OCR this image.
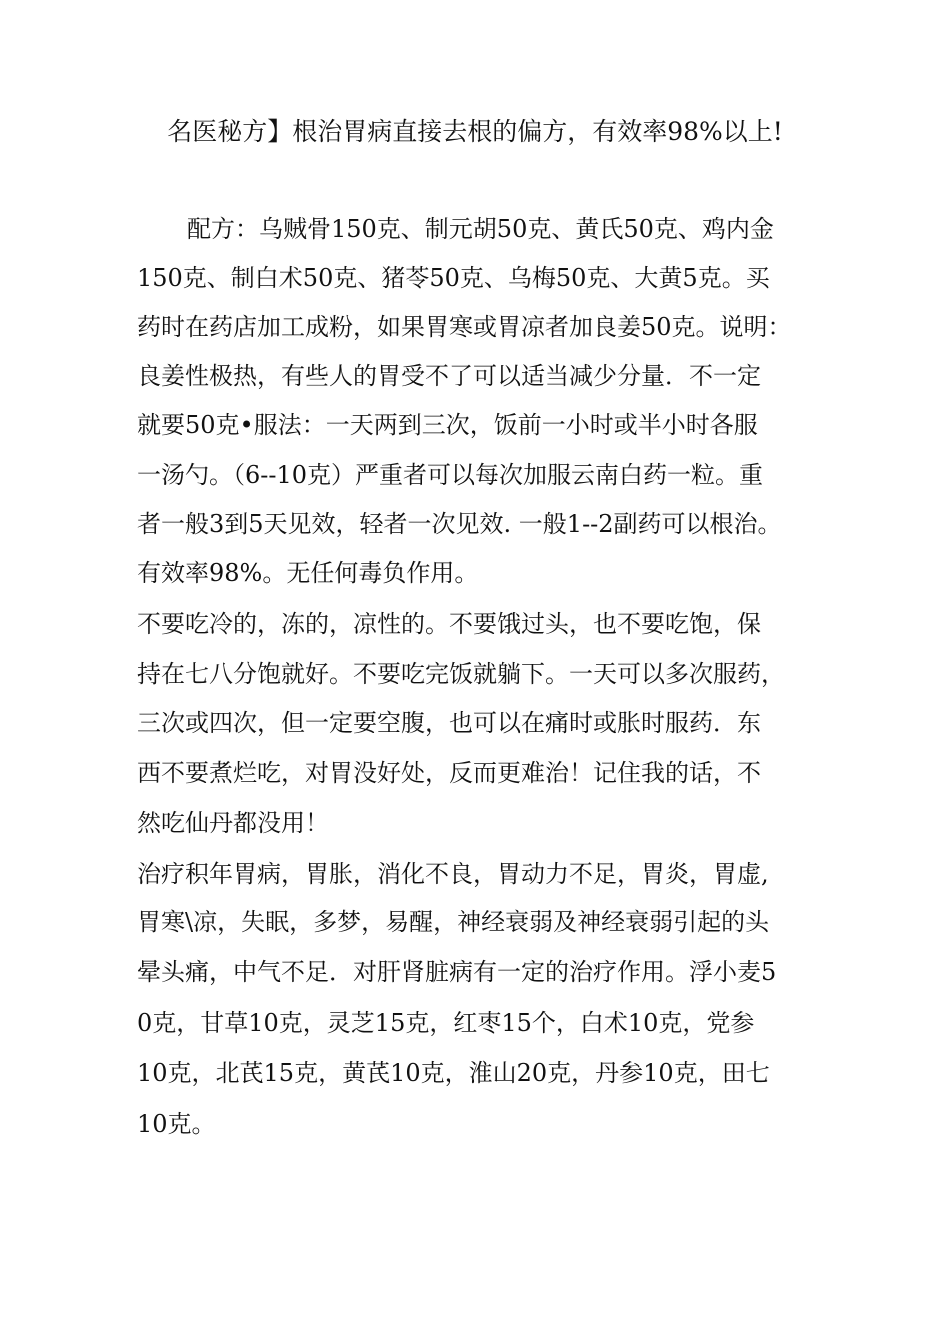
名医秘方】根治胃病直接去根的偏方，有效率98%以上!

配方：乌贼骨150克、制元胡50克、黄氏50克、鸡内金

150克、制白术50克、猪苓50克、乌梅50克、大黄5克。买

药时在药店加工成粉，如果胃寒或胃凉者加良姜50克。说明：

良姜性极热，有些人的胃受不了可以适当减少分量．不一定

就要50克•服法：一天两到三次，饭前一小时或半小时各服

一汤勺。（6--10克）严重者可以每次加服云南白药一粒。重

者一般3到5天见效，轻者一次见效. 一般1--2副药可以根治。

有效率98%。无任何毒负作用。

不要吃冷的，冻的，凉性的。不要饿过头，也不要吃饱，保

持在七八分饱就好。不要吃完饭就躺下。一天可以多次服药，

三次或四次，但一定要空腹，也可以在痛时或胀时服药．东

西不要煮烂吃，对胃没好处，反而更难治！记住我的话，不

然吃仙丹都没用！

治疗积年胃病，胃胀，消化不良，胃动力不足，胃炎，胃虚,

胃寒\凉，失眠，多梦，易醒，神经衰弱及神经衰弱引起的头

晕头痛，中气不足．对肝肾脏病有一定的治疗作用。浮小麦5

0克，甘草10克，灵芝15克，红枣15个，白术10克，党参

10克，北芪15克，黄芪10克，淮山20克，丹参10克，田七

10克。
